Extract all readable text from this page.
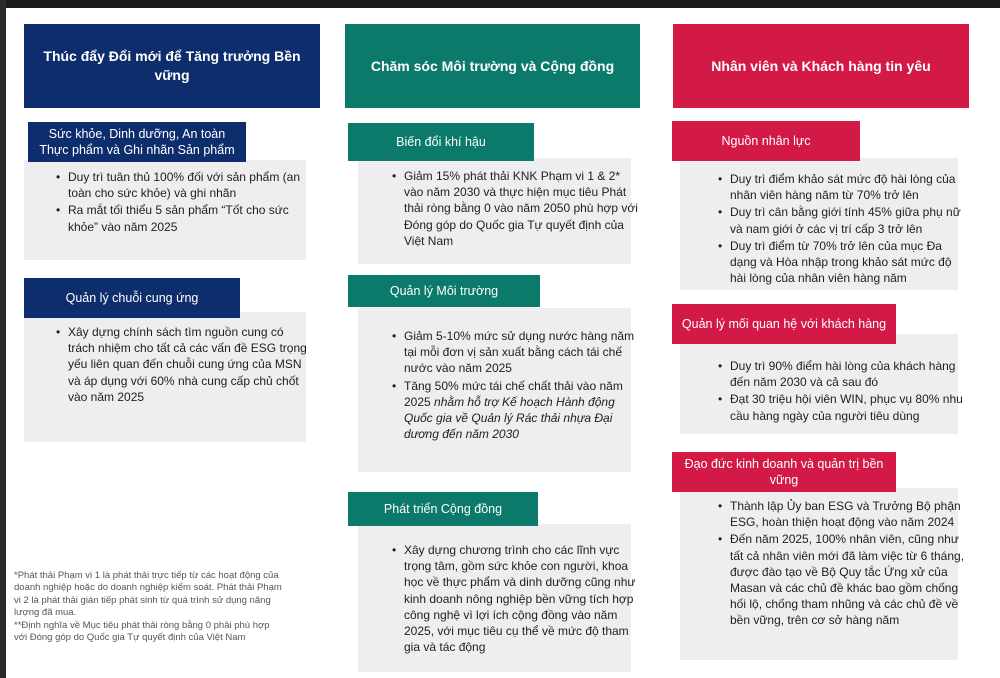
Thúc đẩy Đổi mới để Tăng trưởng Bền vững
• Duy trì tuân thủ 100% đối với sản phẩm (an toàn cho sức khỏe) và ghi nhãn
• Ra mắt tối thiểu 5 sản phẩm “Tốt cho sức khỏe” vào năm 2025
Sức khỏe, Dinh dưỡng, An toàn Thực phẩm và Ghi nhãn Sản phẩm
• Xây dựng chính sách tìm nguồn cung có trách nhiệm cho tất cả các vấn đề ESG trọng yếu liên quan đến chuỗi cung ứng của MSN và áp dụng với 60% nhà cung cấp chủ chốt vào năm 2025
Quản lý chuỗi cung ứng

*Phát thải Phạm vi 1 là phát thải trực tiếp từ các hoạt động của doanh nghiệp hoặc do doanh nghiệp kiểm soát. Phát thải Phạm vi 2 là phát thải gián tiếp phát sinh từ quá trình sử dụng năng lượng đã mua.

**Định nghĩa về Mục tiêu phát thải ròng bằng 0 phải phù hợp với Đóng góp do Quốc gia Tự quyết định của Việt Nam

Chăm sóc Môi trường và Cộng đồng
• Giảm 15% phát thải KNK Phạm vi 1 & 2* vào năm 2030 và thực hiện mục tiêu Phát thải ròng bằng 0 vào năm 2050 phù hợp với Đóng góp do Quốc gia Tự quyết định của Việt Nam
Biến đổi khí hậu
• Giảm 5-10% mức sử dụng nước hàng năm tại mỗi đơn vị sản xuất bằng cách tái chế nước vào năm 2025
• Tăng 50% mức tái chế chất thải vào năm 2025 nhằm hỗ trợ Kế hoạch Hành động Quốc gia về Quản lý Rác thải nhựa Đại dương đến năm 2030
Quản lý Môi trường
• Xây dựng chương trình cho các lĩnh vực trọng tâm, gồm sức khỏe con người, khoa học về thực phẩm và dinh dưỡng cũng như kinh doanh nông nghiệp bền vững tích hợp công nghệ vì lợi ích cộng đồng vào năm 2025, với mục tiêu cụ thể về mức độ tham gia và tác động
Phát triển Cộng đồng
Nhân viên và Khách hàng tin yêu
• Duy trì điểm khảo sát mức độ hài lòng của nhân viên hàng năm từ 70% trở lên
• Duy trì cân bằng giới tính 45% giữa phụ nữ và nam giới ở các vị trí cấp 3 trở lên
• Duy trì điểm từ 70% trở lên của mục Đa dạng và Hòa nhập trong khảo sát mức độ hài lòng của nhân viên hàng năm
Nguồn nhân lực
• Duy trì 90% điểm hài lòng của khách hàng đến năm 2030 và cả sau đó
• Đạt 30 triệu hội viên WIN, phục vụ 80% nhu cầu hàng ngày của người tiêu dùng
Quản lý mối quan hệ với khách hàng
• Thành lập Ủy ban ESG và Trưởng Bộ phận ESG, hoàn thiện hoạt động vào năm 2024
• Đến năm 2025, 100% nhân viên, cũng như tất cả nhân viên mới đã làm việc từ 6 tháng, được đào tạo về Bộ Quy tắc Ứng xử của Masan và các chủ đề khác bao gồm chống hối lộ, chống tham nhũng và các chủ đề về bền vững, trên cơ sở hàng năm
Đạo đức kinh doanh và quản trị bền vững
